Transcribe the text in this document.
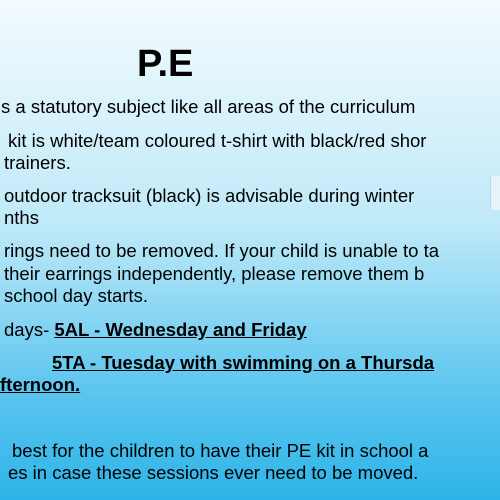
P.E
s a statutory subject like all areas of the curriculum
kit is white/team coloured t-shirt with black/red shor
trainers.
outdoor tracksuit (black) is advisable during winter
nths
rings need to be removed. If your child is unable to ta
their earrings independently, please remove them b
school day starts.
days- 5AL - Wednesday and Friday
5TA - Tuesday with swimming on a Thursda
fternoon.
best for the children to have their PE kit in school a
es in case these sessions ever need to be moved.
